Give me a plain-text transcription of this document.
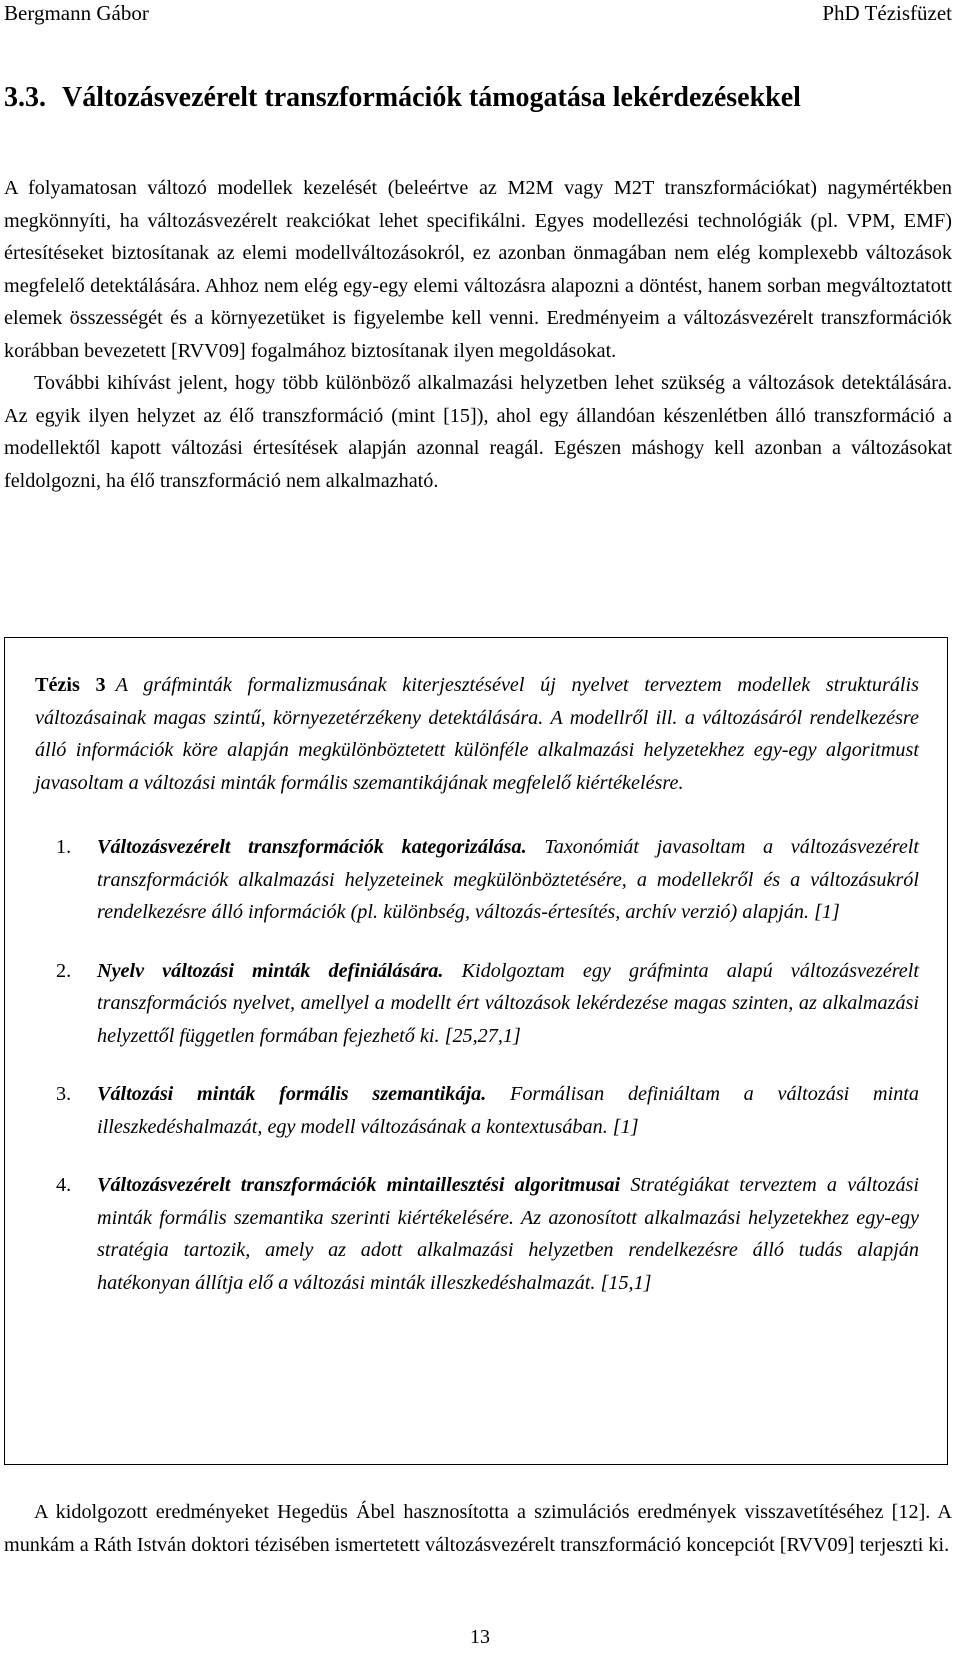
Bergmann Gábor	PhD Tézisfüzet
3.3. Változásvezérelt transzformációk támogatása lekérdezésekkel

A folyamatosan változó modellek kezelését (beleértve az M2M vagy M2T transzformációkat) nagymértékben megkönnyíti, ha változásvezérelt reakciókat lehet specifikálni. Egyes modellezési technológiák (pl. VPM, EMF) értesítéseket biztosítanak az elemi modellváltozásokról, ez azonban önmagában nem elég komplexebb változások megfelelő detektálására. Ahhoz nem elég egy-egy elemi változásra alapozni a döntést, hanem sorban megváltoztatott elemek összességét és a környezetüket is figyelembe kell venni. Eredményeim a változásvezérelt transzformációk korábban bevezetett [RVV09] fogalmához biztosítanak ilyen megoldásokat.

További kihívást jelent, hogy több különböző alkalmazási helyzetben lehet szükség a változások detektálására. Az egyik ilyen helyzet az élő transzformáció (mint [15]), ahol egy állandóan készenlétben álló transzformáció a modellektől kapott változási értesítések alapján azonnal reagál. Egészen máshogy kell azonban a változásokat feldolgozni, ha élő transzformáció nem alkalmazható.

Tézis 3 A gráfminták formalizmusának kiterjesztésével új nyelvet terveztem modellek strukturális változásainak magas szintű, környezetérzékeny detektálására. A modellről ill. a változásáról rendelkezésre álló információk köre alapján megkülönböztetett különféle alkalmazási helyzetekhez egy-egy algoritmust javasoltam a változási minták formális szemantikájának megfelelő kiértékelésre.

1. Változásvezérelt transzformációk kategorizálása. Taxonómiát javasoltam a változásvezérelt transzformációk alkalmazási helyzeteinek megkülönböztetésére, a modellekről és a változásukról rendelkezésre álló információk (pl. különbség, változás-értesítés, archív verzió) alapján. [1]
2. Nyelv változási minták definiálására. Kidolgoztam egy gráfminta alapú változásvezérelt transzformációs nyelvet, amellyel a modellt ért változások lekérdezése magas szinten, az alkalmazási helyzettől független formában fejezhető ki. [25,27,1]
3. Változási minták formális szemantikája. Formálisan definiáltam a változási minta illeszkedéshalmazát, egy modell változásának a kontextusában. [1]
4. Változásvezérelt transzformációk mintaillesztési algoritmusai Stratégiákat terveztem a változási minták formális szemantika szerinti kiértékelésére. Az azonosított alkalmazási helyzetekhez egy-egy stratégia tartozik, amely az adott alkalmazási helyzetben rendelkezésre álló tudás alapján hatékonyan állítja elő a változási minták illeszkedéshalmazát. [15,1]

A kidolgozott eredményeket Hegedüs Ábel hasznosította a szimulációs eredmények visszavetítéséhez [12]. A munkám a Ráth István doktori tézisében ismertetett változásvezérelt transzformáció koncepciót [RVV09] terjeszti ki.

13
